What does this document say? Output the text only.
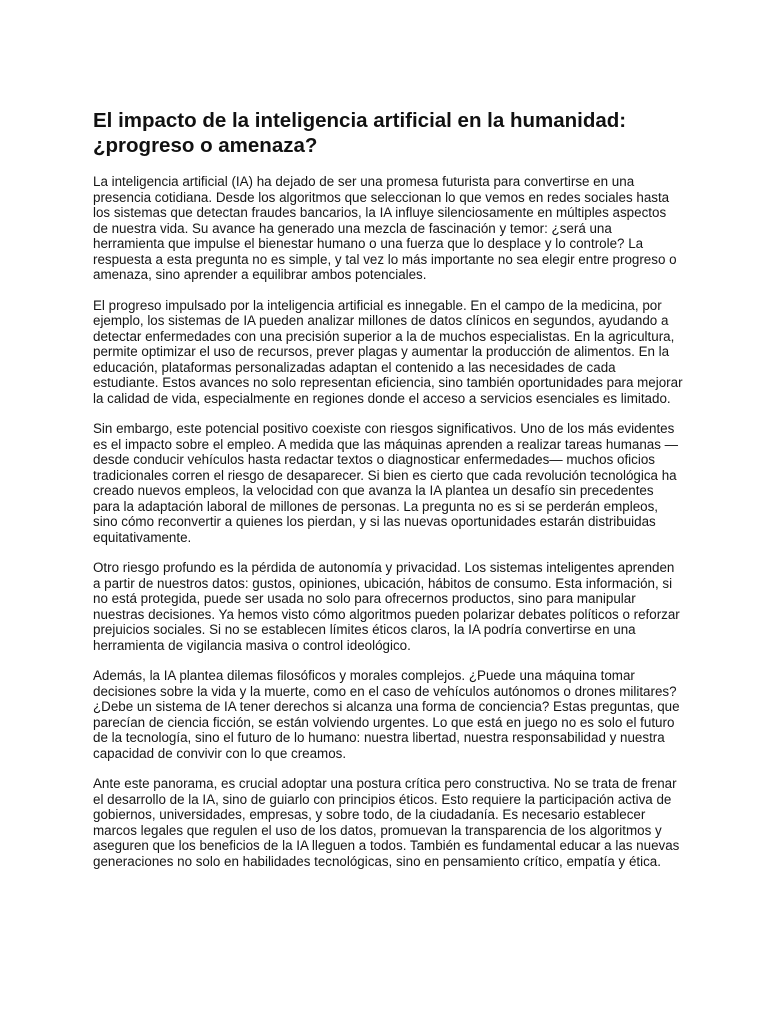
El impacto de la inteligencia artificial en la humanidad: ¿progreso o amenaza?

La inteligencia artificial (IA) ha dejado de ser una promesa futurista para convertirse en una presencia cotidiana. Desde los algoritmos que seleccionan lo que vemos en redes sociales hasta los sistemas que detectan fraudes bancarios, la IA influye silenciosamente en múltiples aspectos de nuestra vida. Su avance ha generado una mezcla de fascinación y temor: ¿será una herramienta que impulse el bienestar humano o una fuerza que lo desplace y lo controle? La respuesta a esta pregunta no es simple, y tal vez lo más importante no sea elegir entre progreso o amenaza, sino aprender a equilibrar ambos potenciales.

El progreso impulsado por la inteligencia artificial es innegable. En el campo de la medicina, por ejemplo, los sistemas de IA pueden analizar millones de datos clínicos en segundos, ayudando a detectar enfermedades con una precisión superior a la de muchos especialistas. En la agricultura, permite optimizar el uso de recursos, prever plagas y aumentar la producción de alimentos. En la educación, plataformas personalizadas adaptan el contenido a las necesidades de cada estudiante. Estos avances no solo representan eficiencia, sino también oportunidades para mejorar la calidad de vida, especialmente en regiones donde el acceso a servicios esenciales es limitado.

Sin embargo, este potencial positivo coexiste con riesgos significativos. Uno de los más evidentes es el impacto sobre el empleo. A medida que las máquinas aprenden a realizar tareas humanas —desde conducir vehículos hasta redactar textos o diagnosticar enfermedades— muchos oficios tradicionales corren el riesgo de desaparecer. Si bien es cierto que cada revolución tecnológica ha creado nuevos empleos, la velocidad con que avanza la IA plantea un desafío sin precedentes para la adaptación laboral de millones de personas. La pregunta no es si se perderán empleos, sino cómo reconvertir a quienes los pierdan, y si las nuevas oportunidades estarán distribuidas equitativamente.

Otro riesgo profundo es la pérdida de autonomía y privacidad. Los sistemas inteligentes aprenden a partir de nuestros datos: gustos, opiniones, ubicación, hábitos de consumo. Esta información, si no está protegida, puede ser usada no solo para ofrecernos productos, sino para manipular nuestras decisiones. Ya hemos visto cómo algoritmos pueden polarizar debates políticos o reforzar prejuicios sociales. Si no se establecen límites éticos claros, la IA podría convertirse en una herramienta de vigilancia masiva o control ideológico.

Además, la IA plantea dilemas filosóficos y morales complejos. ¿Puede una máquina tomar decisiones sobre la vida y la muerte, como en el caso de vehículos autónomos o drones militares? ¿Debe un sistema de IA tener derechos si alcanza una forma de conciencia? Estas preguntas, que parecían de ciencia ficción, se están volviendo urgentes. Lo que está en juego no es solo el futuro de la tecnología, sino el futuro de lo humano: nuestra libertad, nuestra responsabilidad y nuestra capacidad de convivir con lo que creamos.

Ante este panorama, es crucial adoptar una postura crítica pero constructiva. No se trata de frenar el desarrollo de la IA, sino de guiarlo con principios éticos. Esto requiere la participación activa de gobiernos, universidades, empresas, y sobre todo, de la ciudadanía. Es necesario establecer marcos legales que regulen el uso de los datos, promuevan la transparencia de los algoritmos y aseguren que los beneficios de la IA lleguen a todos. También es fundamental educar a las nuevas generaciones no solo en habilidades tecnológicas, sino en pensamiento crítico, empatía y ética.
